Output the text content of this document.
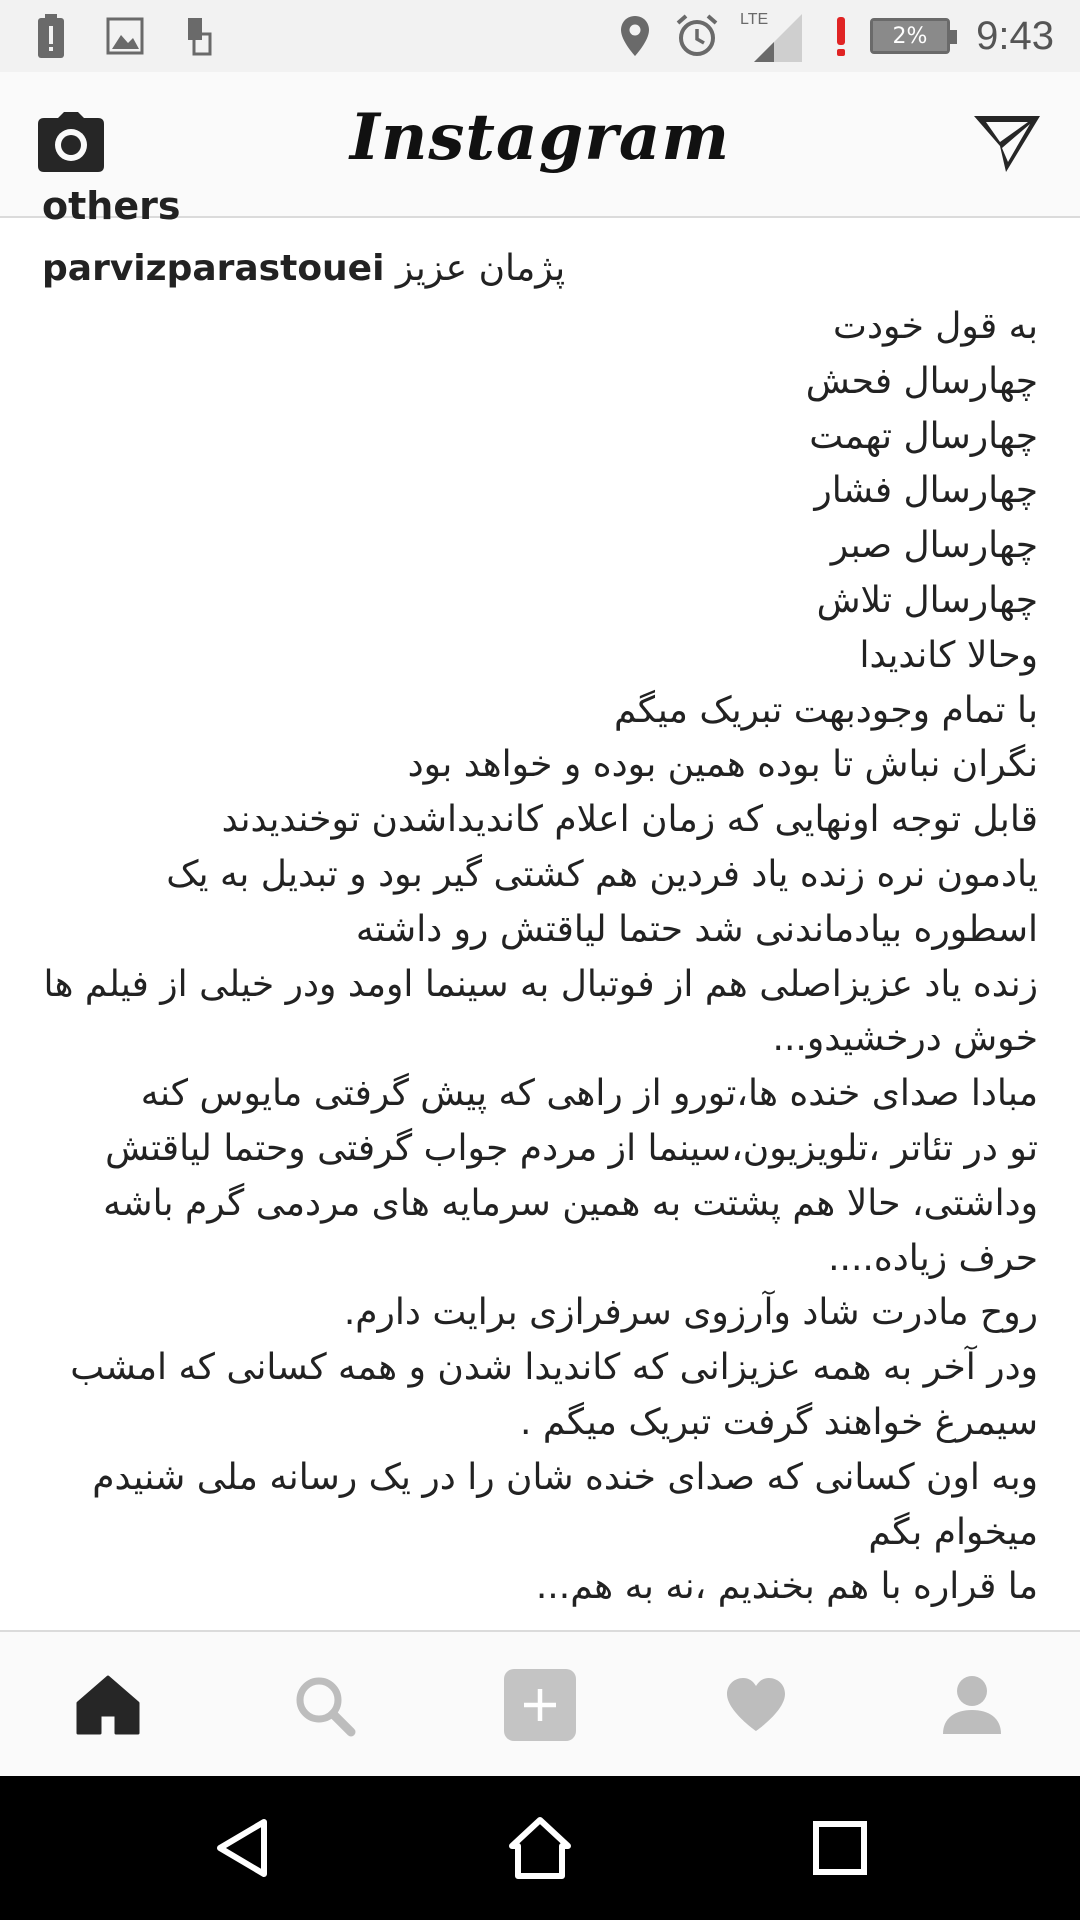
LTE
2%	9:43
Instagram
others
parvizparastouei پژمان عزیز
به قول خودت
چهارسال فحش
چهارسال تهمت
چهارسال فشار
چهارسال صبر
چهارسال تلاش
وحالا کاندیدا
با تمام وجودبهت تبریک میگم
نگران نباش تا بوده همین بوده و خواهد بود
قابل توجه اونهایی که زمان اعلام کاندیداشدن توخندیدند
یادمون نره زنده یاد فردین هم کشتی گیر بود و تبدیل به یک
اسطوره بیادماندنی شد حتما لیاقتش رو داشته
زنده یاد عزیزاصلی هم از فوتبال به سینما اومد ودر خیلی از فیلم ها
خوش درخشیدو...
مبادا صدای خنده ها،تورو از راهی که پیش گرفتی مایوس کنه
تو در تئاتر ،تلویزیون،سینما از مردم جواب گرفتی وحتما لیاقتش
وداشتی، حالا هم پشتت به همین سرمایه های مردمی گرم باشه
حرف زیاده....
روح مادرت شاد وآرزوی سرفرازی برایت دارم.
ودر آخر به همه عزیزانی که کاندیدا شدن و همه کسانی که امشب
سیمرغ خواهند گرفت تبریک میگم .
وبه اون کسانی که صدای خنده شان را در یک رسانه ملی شنیدم
میخوام بگم
ما قراره با هم بخندیم ،نه به هم...
